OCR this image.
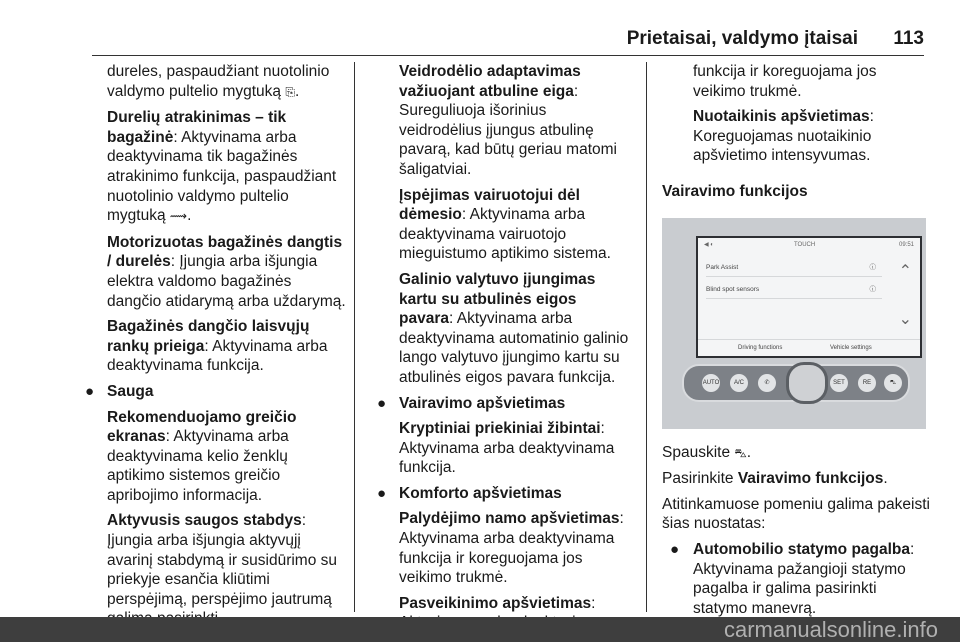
Prietaisai, valdymo įtaisai 113

dureles, paspaudžiant nuotolinio valdymo pultelio mygtuką ⎘.

Durelių atrakinimas – tik bagažinė: Aktyvinama arba deaktyvinama tik bagažinės atrakinimo funkcija, paspaudžiant nuotolinio valdymo pultelio mygtuką ⟿.

Motorizuotas bagažinės dangtis / durelės: Įjungia arba išjungia elektra valdomo bagažinės dangčio atidarymą arba uždarymą.

Bagažinės dangčio laisvųjų rankų prieiga: Aktyvinama arba deaktyvinama funkcija.

● Sauga

Rekomenduojamo greičio ekranas: Aktyvinama arba deaktyvinama kelio ženklų aptikimo sistemos greičio apribojimo informacija.

Aktyvusis saugos stabdys: Įjungia arba išjungia aktyvųjį avarinį stabdymą ir susidūrimo su priekyje esančia kliūtimi perspėjimą, perspėjimo jautrumą

Veidrodėlio adaptavimas važiuojant atbuline eiga: Sureguliuoja išorinius veidrodėlius įjungus atbulinę pavarą, kad būtų geriau matomi šaligatviai.

Įspėjimas vairuotojui dėl dėmesio: Aktyvinama arba deaktyvinama vairuotojo mieguistumo aptikimo sistema.

Galinio valytuvo įjungimas kartu su atbulinės eigos pavara: Aktyvinama arba deaktyvinama automatinio galinio lango valytuvo įjungimo kartu su atbulinės eigos pavara funkcija.

● Vairavimo apšvietimas

Kryptiniai priekiniai žibintai: Aktyvinama arba deaktyvinama funkcija.

● Komforto apšvietimas

Palydėjimo namo apšvietimas: Aktyvinama arba deaktyvinama funkcija ir koreguojama jos veikimo trukmė.

Pasveikinimo apšvietimas:

funkcija ir koreguojama jos veikimo trukmė.

Nuotaikinis apšvietimas: Koreguojamas nuotaikinio apšvietimo intensyvumas.

Vairavimo funkcijos

◀ ◐	TOUCH	09:51
Park Assist	ⓘ
Blind spot sensors	ⓘ
⌃
⌄
Driving functions	Vehicle settings
AUTO	A/C	✆	SET	RE	⛍

Spauskite ⛍.

Pasirinkite Vairavimo funkcijos.

Atitinkamuose pomeniu galima pakeisti šias nuostatas:

● Automobilio statymo pagalba: Aktyvinama pažangioji statymo pagalba ir galima pasirinkti statymo manevrą.

carmanualsonline.info
